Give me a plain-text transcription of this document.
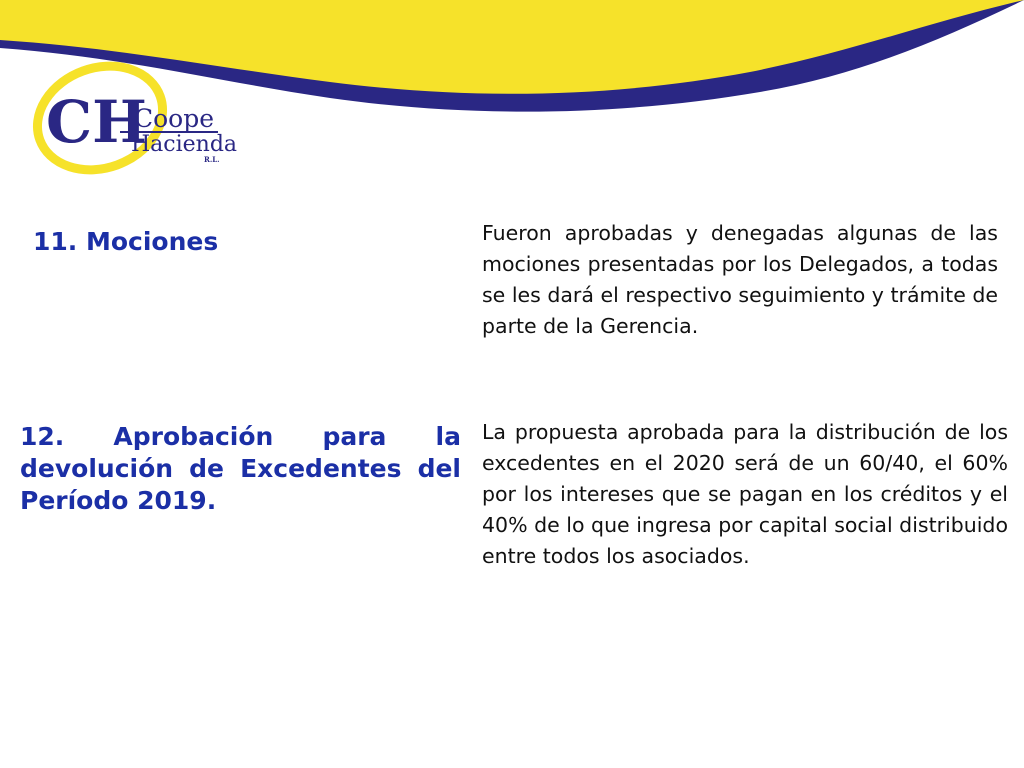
CH
Coope
Hacienda
R.L.
11. Mociones	Fueron aprobadas y denegadas algunas de las mociones presentadas por los Delegados, a todas se les dará el respectivo seguimiento y trámite de parte de la Gerencia.

12. Aprobación para la devolución de Excedentes del Período 2019.

La propuesta aprobada para la distribución de los excedentes en el 2020 será de un 60/40, el 60% por los intereses que se pagan en los créditos y el 40% de lo que ingresa por capital social distribuido entre todos los asociados.
